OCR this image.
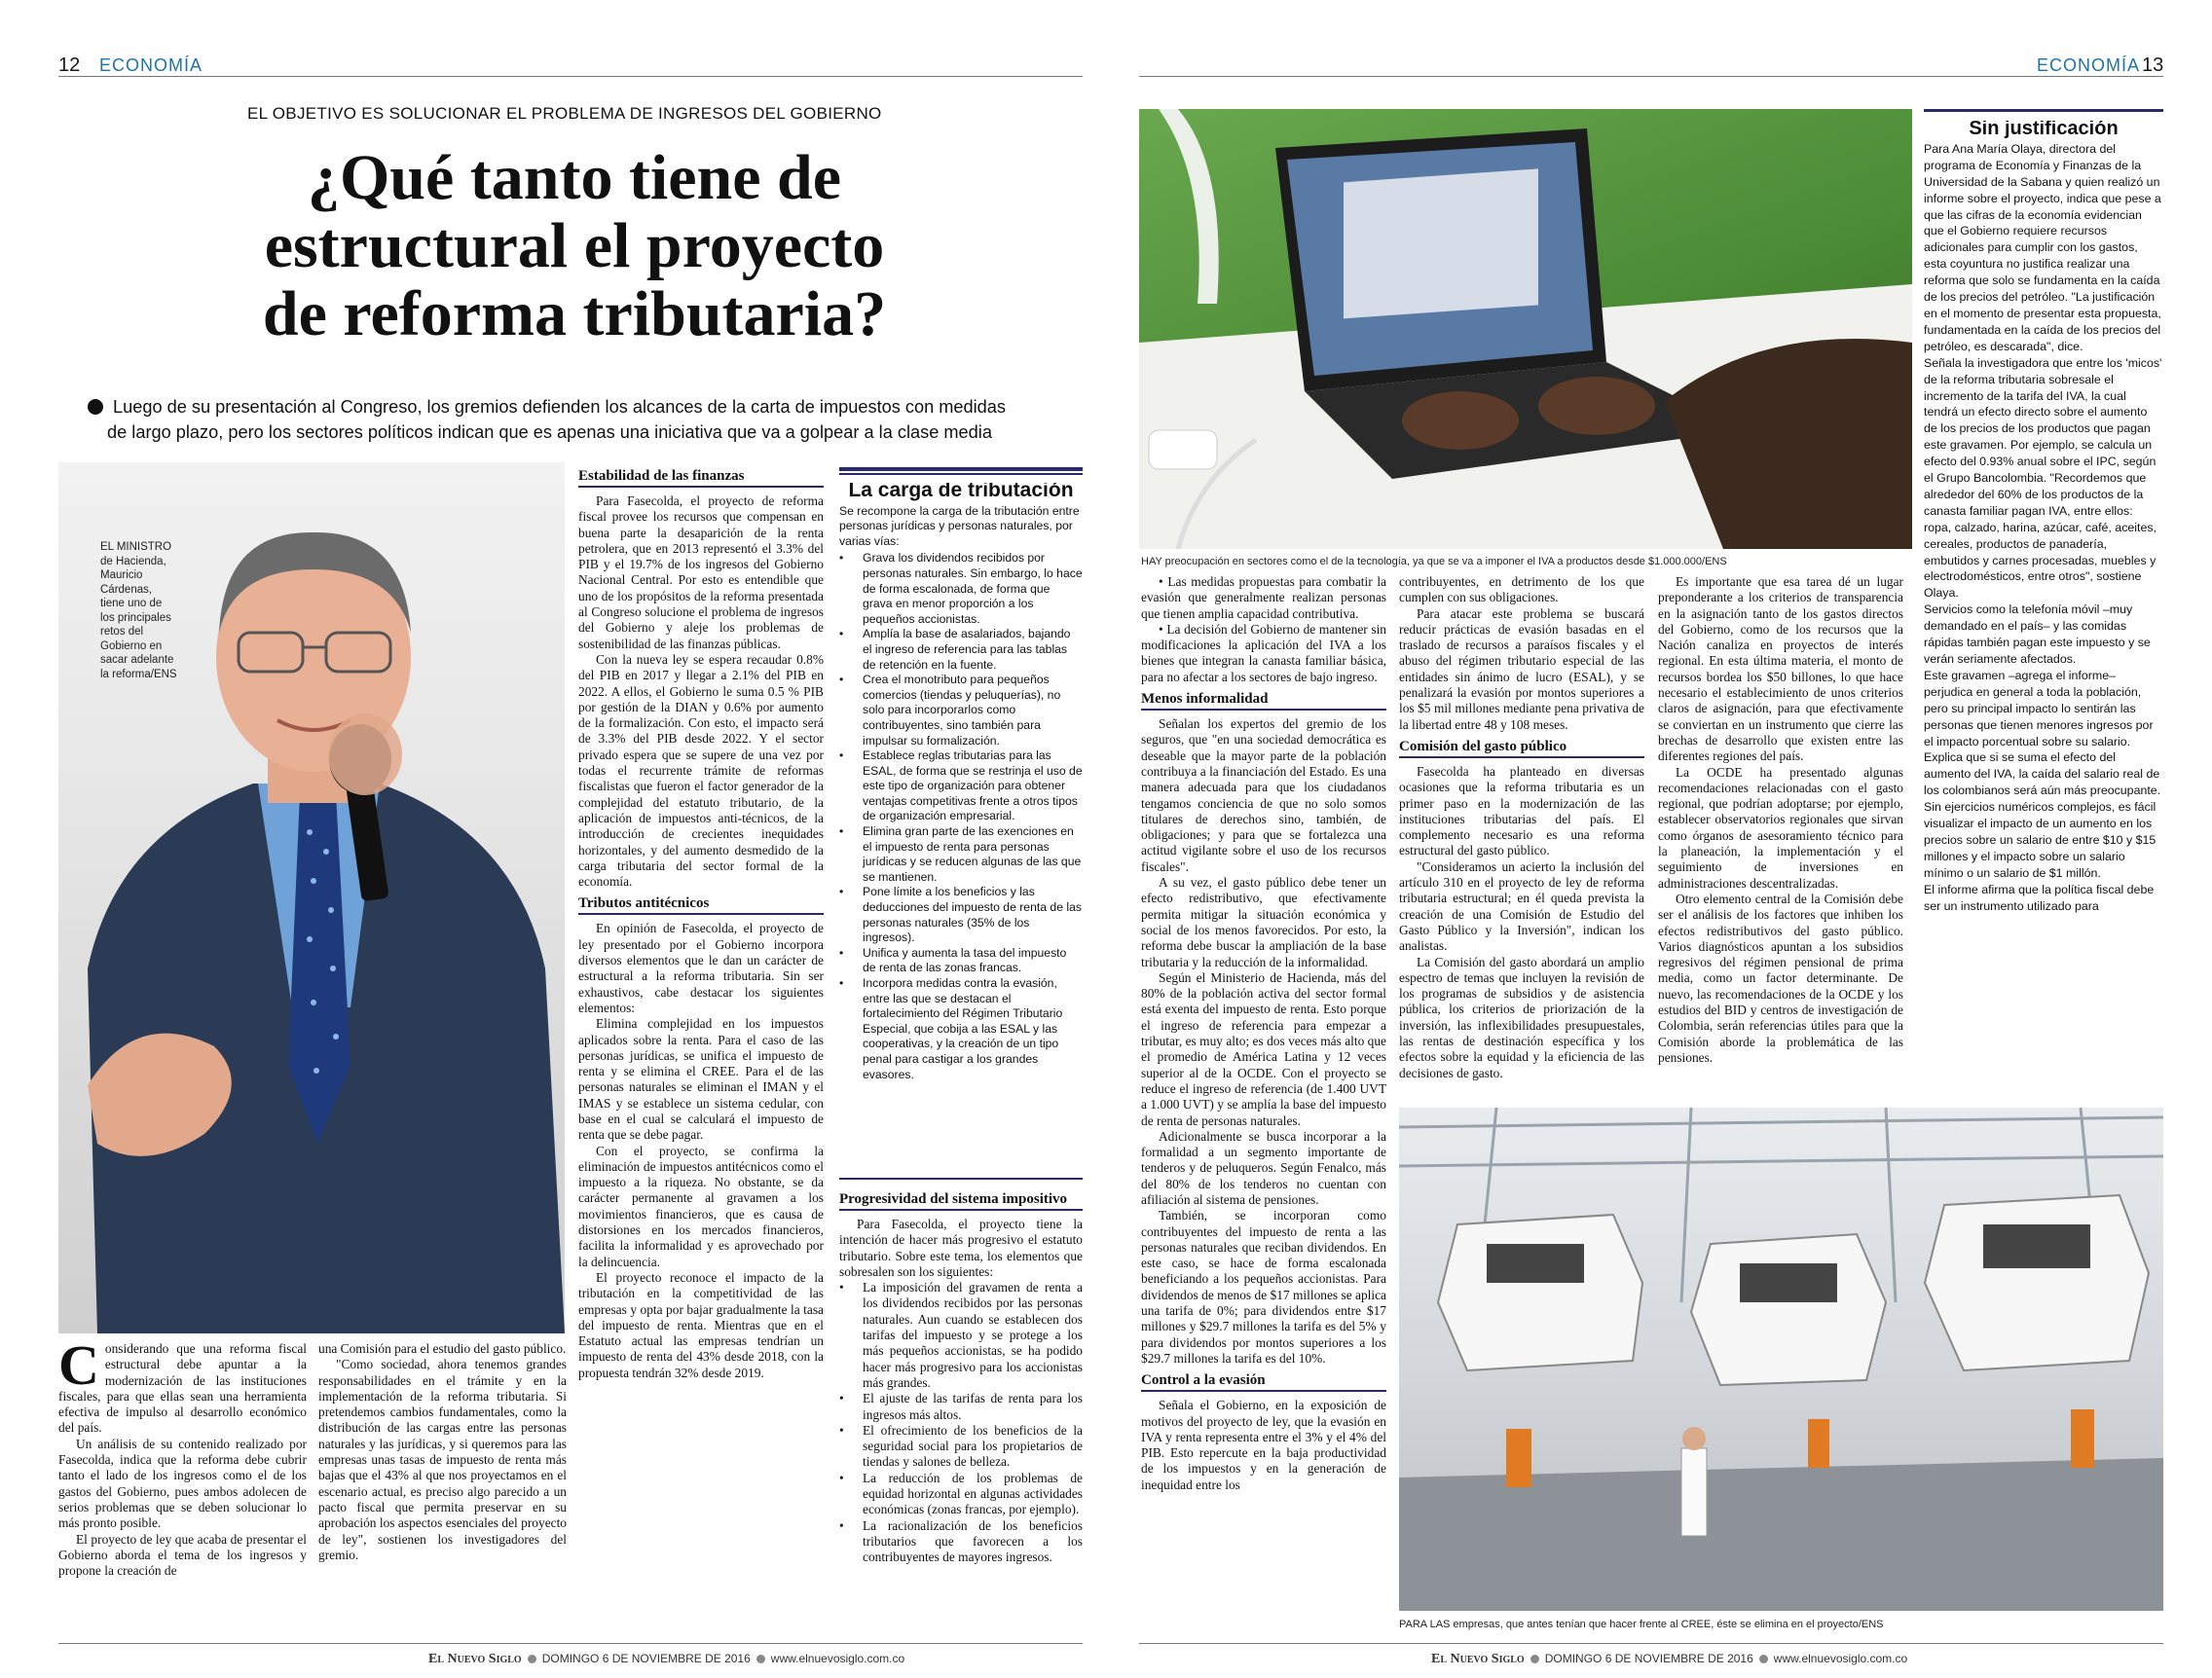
12 ECONOMÍA
EL OBJETIVO ES SOLUCIONAR EL PROBLEMA DE INGRESOS DEL GOBIERNO
¿Qué tanto tiene de
estructural el proyecto
de reforma tributaria?
Luego de su presentación al Congreso, los gremios defienden los alcances de la carta de impuestos con medidas
de largo plazo, pero los sectores políticos indican que es apenas una iniciativa que va a golpear a la clase media
EL MINISTRO de Hacienda, Mauricio Cárdenas, tiene uno de los principales retos del Gobierno en sacar adelante la reforma/ENS

Considerando que una reforma fiscal estructural debe apuntar a la modernización de las instituciones fiscales, para que ellas sean una herramienta efectiva de impulso al desarrollo económico del país.

Un análisis de su contenido realizado por Fasecolda, indica que la reforma debe cubrir tanto el lado de los ingresos como el de los gastos del Gobierno, pues ambos adolecen de serios problemas que se deben solucionar lo más pronto posible.

El proyecto de ley que acaba de presentar el Gobierno aborda el tema de los ingresos y propone la creación de

una Comisión para el estudio del gasto público.

"Como sociedad, ahora tenemos grandes responsabilidades en el trámite y en la implementación de la reforma tributaria. Si pretendemos cambios fundamentales, como la distribución de las cargas entre las personas naturales y las jurídicas, y si queremos para las empresas unas tasas de impuesto de renta más bajas que el 43% al que nos proyectamos en el escenario actual, es preciso algo parecido a un pacto fiscal que permita preservar en su aprobación los aspectos esenciales del proyecto de ley", sostienen los investigadores del gremio.

Estabilidad de las finanzas

Para Fasecolda, el proyecto de reforma fiscal provee los recursos que compensan en buena parte la desaparición de la renta petrolera, que en 2013 representó el 3.3% del PIB y el 19.7% de los ingresos del Gobierno Nacional Central. Por esto es entendible que uno de los propósitos de la reforma presentada al Congreso solucione el problema de ingresos del Gobierno y aleje los problemas de sostenibilidad de las finanzas públicas.

Con la nueva ley se espera recaudar 0.8% del PIB en 2017 y llegar a 2.1% del PIB en 2022. A ellos, el Gobierno le suma 0.5 % PIB por gestión de la DIAN y 0.6% por aumento de la formalización. Con esto, el impacto será de 3.3% del PIB desde 2022. Y el sector privado espera que se supere de una vez por todas el recurrente trámite de reformas fiscalistas que fueron el factor generador de la complejidad del estatuto tributario, de la aplicación de impuestos anti-técnicos, de la introducción de crecientes inequidades horizontales, y del aumento desmedido de la carga tributaria del sector formal de la economía.

Tributos antitécnicos

En opinión de Fasecolda, el proyecto de ley presentado por el Gobierno incorpora diversos elementos que le dan un carácter de estructural a la reforma tributaria. Sin ser exhaustivos, cabe destacar los siguientes elementos:

Elimina complejidad en los impuestos aplicados sobre la renta. Para el caso de las personas jurídicas, se unifica el impuesto de renta y se elimina el CREE. Para el de las personas naturales se eliminan el IMAN y el IMAS y se establece un sistema cedular, con base en el cual se calculará el impuesto de renta que se debe pagar.

Con el proyecto, se confirma la eliminación de impuestos antitécnicos como el impuesto a la riqueza. No obstante, se da carácter permanente al gravamen a los movimientos financieros, que es causa de distorsiones en los mercados financieros, facilita la informalidad y es aprovechado por la delincuencia.

El proyecto reconoce el impacto de la tributación en la competitividad de las empresas y opta por bajar gradualmente la tasa del impuesto de renta. Mientras que en el Estatuto actual las empresas tendrían un impuesto de renta del 43% desde 2018, con la propuesta tendrán 32% desde 2019.

La carga de tributación

Se recompone la carga de la tributación entre personas jurídicas y personas naturales, por varias vías:

•	Grava los dividendos recibidos por personas naturales. Sin embargo, lo hace de forma escalonada, de forma que grava en menor proporción a los pequeños accionistas.
•	Amplía la base de asalariados, bajando el ingreso de referencia para las tablas de retención en la fuente.
•	Crea el monotributo para pequeños comercios (tiendas y peluquerías), no solo para incorporarlos como contribuyentes, sino también para impulsar su formalización.
•	Establece reglas tributarias para las ESAL, de forma que se restrinja el uso de este tipo de organización para obtener ventajas competitivas frente a otros tipos de organización empresarial.
•	Elimina gran parte de las exenciones en el impuesto de renta para personas jurídicas y se reducen algunas de las que se mantienen.
•	Pone límite a los beneficios y las deducciones del impuesto de renta de las personas naturales (35% de los ingresos).
•	Unifica y aumenta la tasa del impuesto de renta de las zonas francas.
•	Incorpora medidas contra la evasión, entre las que se destacan el fortalecimiento del Régimen Tributario Especial, que cobija a las ESAL y las cooperativas, y la creación de un tipo penal para castigar a los grandes evasores.
Progresividad del sistema impositivo

Para Fasecolda, el proyecto tiene la intención de hacer más progresivo el estatuto tributario. Sobre este tema, los elementos que sobresalen son los siguientes:

•	La imposición del gravamen de renta a los dividendos recibidos por las personas naturales. Aun cuando se establecen dos tarifas del impuesto y se protege a los más pequeños accionistas, se ha podido hacer más progresivo para los accionistas más grandes.
•	El ajuste de las tarifas de renta para los ingresos más altos.
•	El ofrecimiento de los beneficios de la seguridad social para los propietarios de tiendas y salones de belleza.
•	La reducción de los problemas de equidad horizontal en algunas actividades económicas (zonas francas, por ejemplo).
•	La racionalización de los beneficios tributarios que favorecen a los contribuyentes de mayores ingresos.
El Nuevo Siglo DOMINGO 6 DE NOVIEMBRE DE 2016 www.elnuevosiglo.com.co
ECONOMÍA 13
HAY preocupación en sectores como el de la tecnología, ya que se va a imponer el IVA a productos desde $1.000.000/ENS
Sin justificación

Para Ana María Olaya, directora del programa de Economía y Finanzas de la Universidad de la Sabana y quien realizó un informe sobre el proyecto, indica que pese a que las cifras de la economía evidencian que el Gobierno requiere recursos adicionales para cumplir con los gastos, esta coyuntura no justifica realizar una reforma que solo se fundamenta en la caída de los precios del petróleo. "La justificación en el momento de presentar esta propuesta, fundamentada en la caída de los precios del petróleo, es descarada", dice.

Señala la investigadora que entre los 'micos' de la reforma tributaria sobresale el incremento de la tarifa del IVA, la cual tendrá un efecto directo sobre el aumento de los precios de los productos que pagan este gravamen. Por ejemplo, se calcula un efecto del 0.93% anual sobre el IPC, según el Grupo Bancolombia. "Recordemos que alrededor del 60% de los productos de la canasta familiar pagan IVA, entre ellos: ropa, calzado, harina, azúcar, café, aceites, cereales, productos de panadería, embutidos y carnes procesadas, muebles y electrodomésticos, entre otros", sostiene Olaya.

Servicios como la telefonía móvil –muy demandado en el país– y las comidas rápidas también pagan este impuesto y se verán seriamente afectados.

Este gravamen –agrega el informe– perjudica en general a toda la población, pero su principal impacto lo sentirán las personas que tienen menores ingresos por el impacto porcentual sobre su salario.

Explica que si se suma el efecto del aumento del IVA, la caída del salario real de los colombianos será aún más preocupante. Sin ejercicios numéricos complejos, es fácil visualizar el impacto de un aumento en los precios sobre un salario de entre $10 y $15 millones y el impacto sobre un salario mínimo o un salario de $1 millón.

El informe afirma que la política fiscal debe ser un instrumento utilizado para

• Las medidas propuestas para combatir la evasión que generalmente realizan personas que tienen amplia capacidad contributiva.

• La decisión del Gobierno de mantener sin modificaciones la aplicación del IVA a los bienes que integran la canasta familiar básica, para no afectar a los sectores de bajo ingreso.

Menos informalidad

Señalan los expertos del gremio de los seguros, que "en una sociedad democrática es deseable que la mayor parte de la población contribuya a la financiación del Estado. Es una manera adecuada para que los ciudadanos tengamos conciencia de que no solo somos titulares de derechos sino, también, de obligaciones; y para que se fortalezca una actitud vigilante sobre el uso de los recursos fiscales".

A su vez, el gasto público debe tener un efecto redistributivo, que efectivamente permita mitigar la situación económica y social de los menos favorecidos. Por esto, la reforma debe buscar la ampliación de la base tributaria y la reducción de la informalidad.

Según el Ministerio de Hacienda, más del 80% de la población activa del sector formal está exenta del impuesto de renta. Esto porque el ingreso de referencia para empezar a tributar, es muy alto; es dos veces más alto que el promedio de América Latina y 12 veces superior al de la OCDE. Con el proyecto se reduce el ingreso de referencia (de 1.400 UVT a 1.000 UVT) y se amplía la base del impuesto de renta de personas naturales.

Adicionalmente se busca incorporar a la formalidad a un segmento importante de tenderos y de peluqueros. Según Fenalco, más del 80% de los tenderos no cuentan con afiliación al sistema de pensiones.

También, se incorporan como contribuyentes del impuesto de renta a las personas naturales que reciban dividendos. En este caso, se hace de forma escalonada beneficiando a los pequeños accionistas. Para dividendos de menos de $17 millones se aplica una tarifa de 0%; para dividendos entre $17 millones y $29.7 millones la tarifa es del 5% y para dividendos por montos superiores a los $29.7 millones la tarifa es del 10%.

Control a la evasión

Señala el Gobierno, en la exposición de motivos del proyecto de ley, que la evasión en IVA y renta representa entre el 3% y el 4% del PIB. Esto repercute en la baja productividad de los impuestos y en la generación de inequidad entre los

contribuyentes, en detrimento de los que cumplen con sus obligaciones.

Para atacar este problema se buscará reducir prácticas de evasión basadas en el traslado de recursos a paraísos fiscales y el abuso del régimen tributario especial de las entidades sin ánimo de lucro (ESAL), y se penalizará la evasión por montos superiores a los $5 mil millones mediante pena privativa de la libertad entre 48 y 108 meses.

Comisión del gasto público

Fasecolda ha planteado en diversas ocasiones que la reforma tributaria es un primer paso en la modernización de las instituciones tributarias del país. El complemento necesario es una reforma estructural del gasto público.

"Consideramos un acierto la inclusión del artículo 310 en el proyecto de ley de reforma tributaria estructural; en él queda prevista la creación de una Comisión de Estudio del Gasto Público y la Inversión", indican los analistas.

La Comisión del gasto abordará un amplio espectro de temas que incluyen la revisión de los programas de subsidios y de asistencia pública, los criterios de priorización de la inversión, las inflexibilidades presupuestales, las rentas de destinación específica y los efectos sobre la equidad y la eficiencia de las decisiones de gasto.

Es importante que esa tarea dé un lugar preponderante a los criterios de transparencia en la asignación tanto de los gastos directos del Gobierno, como de los recursos que la Nación canaliza en proyectos de interés regional. En esta última materia, el monto de recursos bordea los $50 billones, lo que hace necesario el establecimiento de unos criterios claros de asignación, para que efectivamente se conviertan en un instrumento que cierre las brechas de desarrollo que existen entre las diferentes regiones del país.

La OCDE ha presentado algunas recomendaciones relacionadas con el gasto regional, que podrían adoptarse; por ejemplo, establecer observatorios regionales que sirvan como órganos de asesoramiento técnico para la planeación, la implementación y el seguimiento de inversiones en administraciones descentralizadas.

Otro elemento central de la Comisión debe ser el análisis de los factores que inhiben los efectos redistributivos del gasto público. Varios diagnósticos apuntan a los subsidios regresivos del régimen pensional de prima media, como un factor determinante. De nuevo, las recomendaciones de la OCDE y los estudios del BID y centros de investigación de Colombia, serán referencias útiles para que la Comisión aborde la problemática de las pensiones.

PARA LAS empresas, que antes tenían que hacer frente al CREE, éste se elimina en el proyecto/ENS
El Nuevo Siglo DOMINGO 6 DE NOVIEMBRE DE 2016 www.elnuevosiglo.com.co
